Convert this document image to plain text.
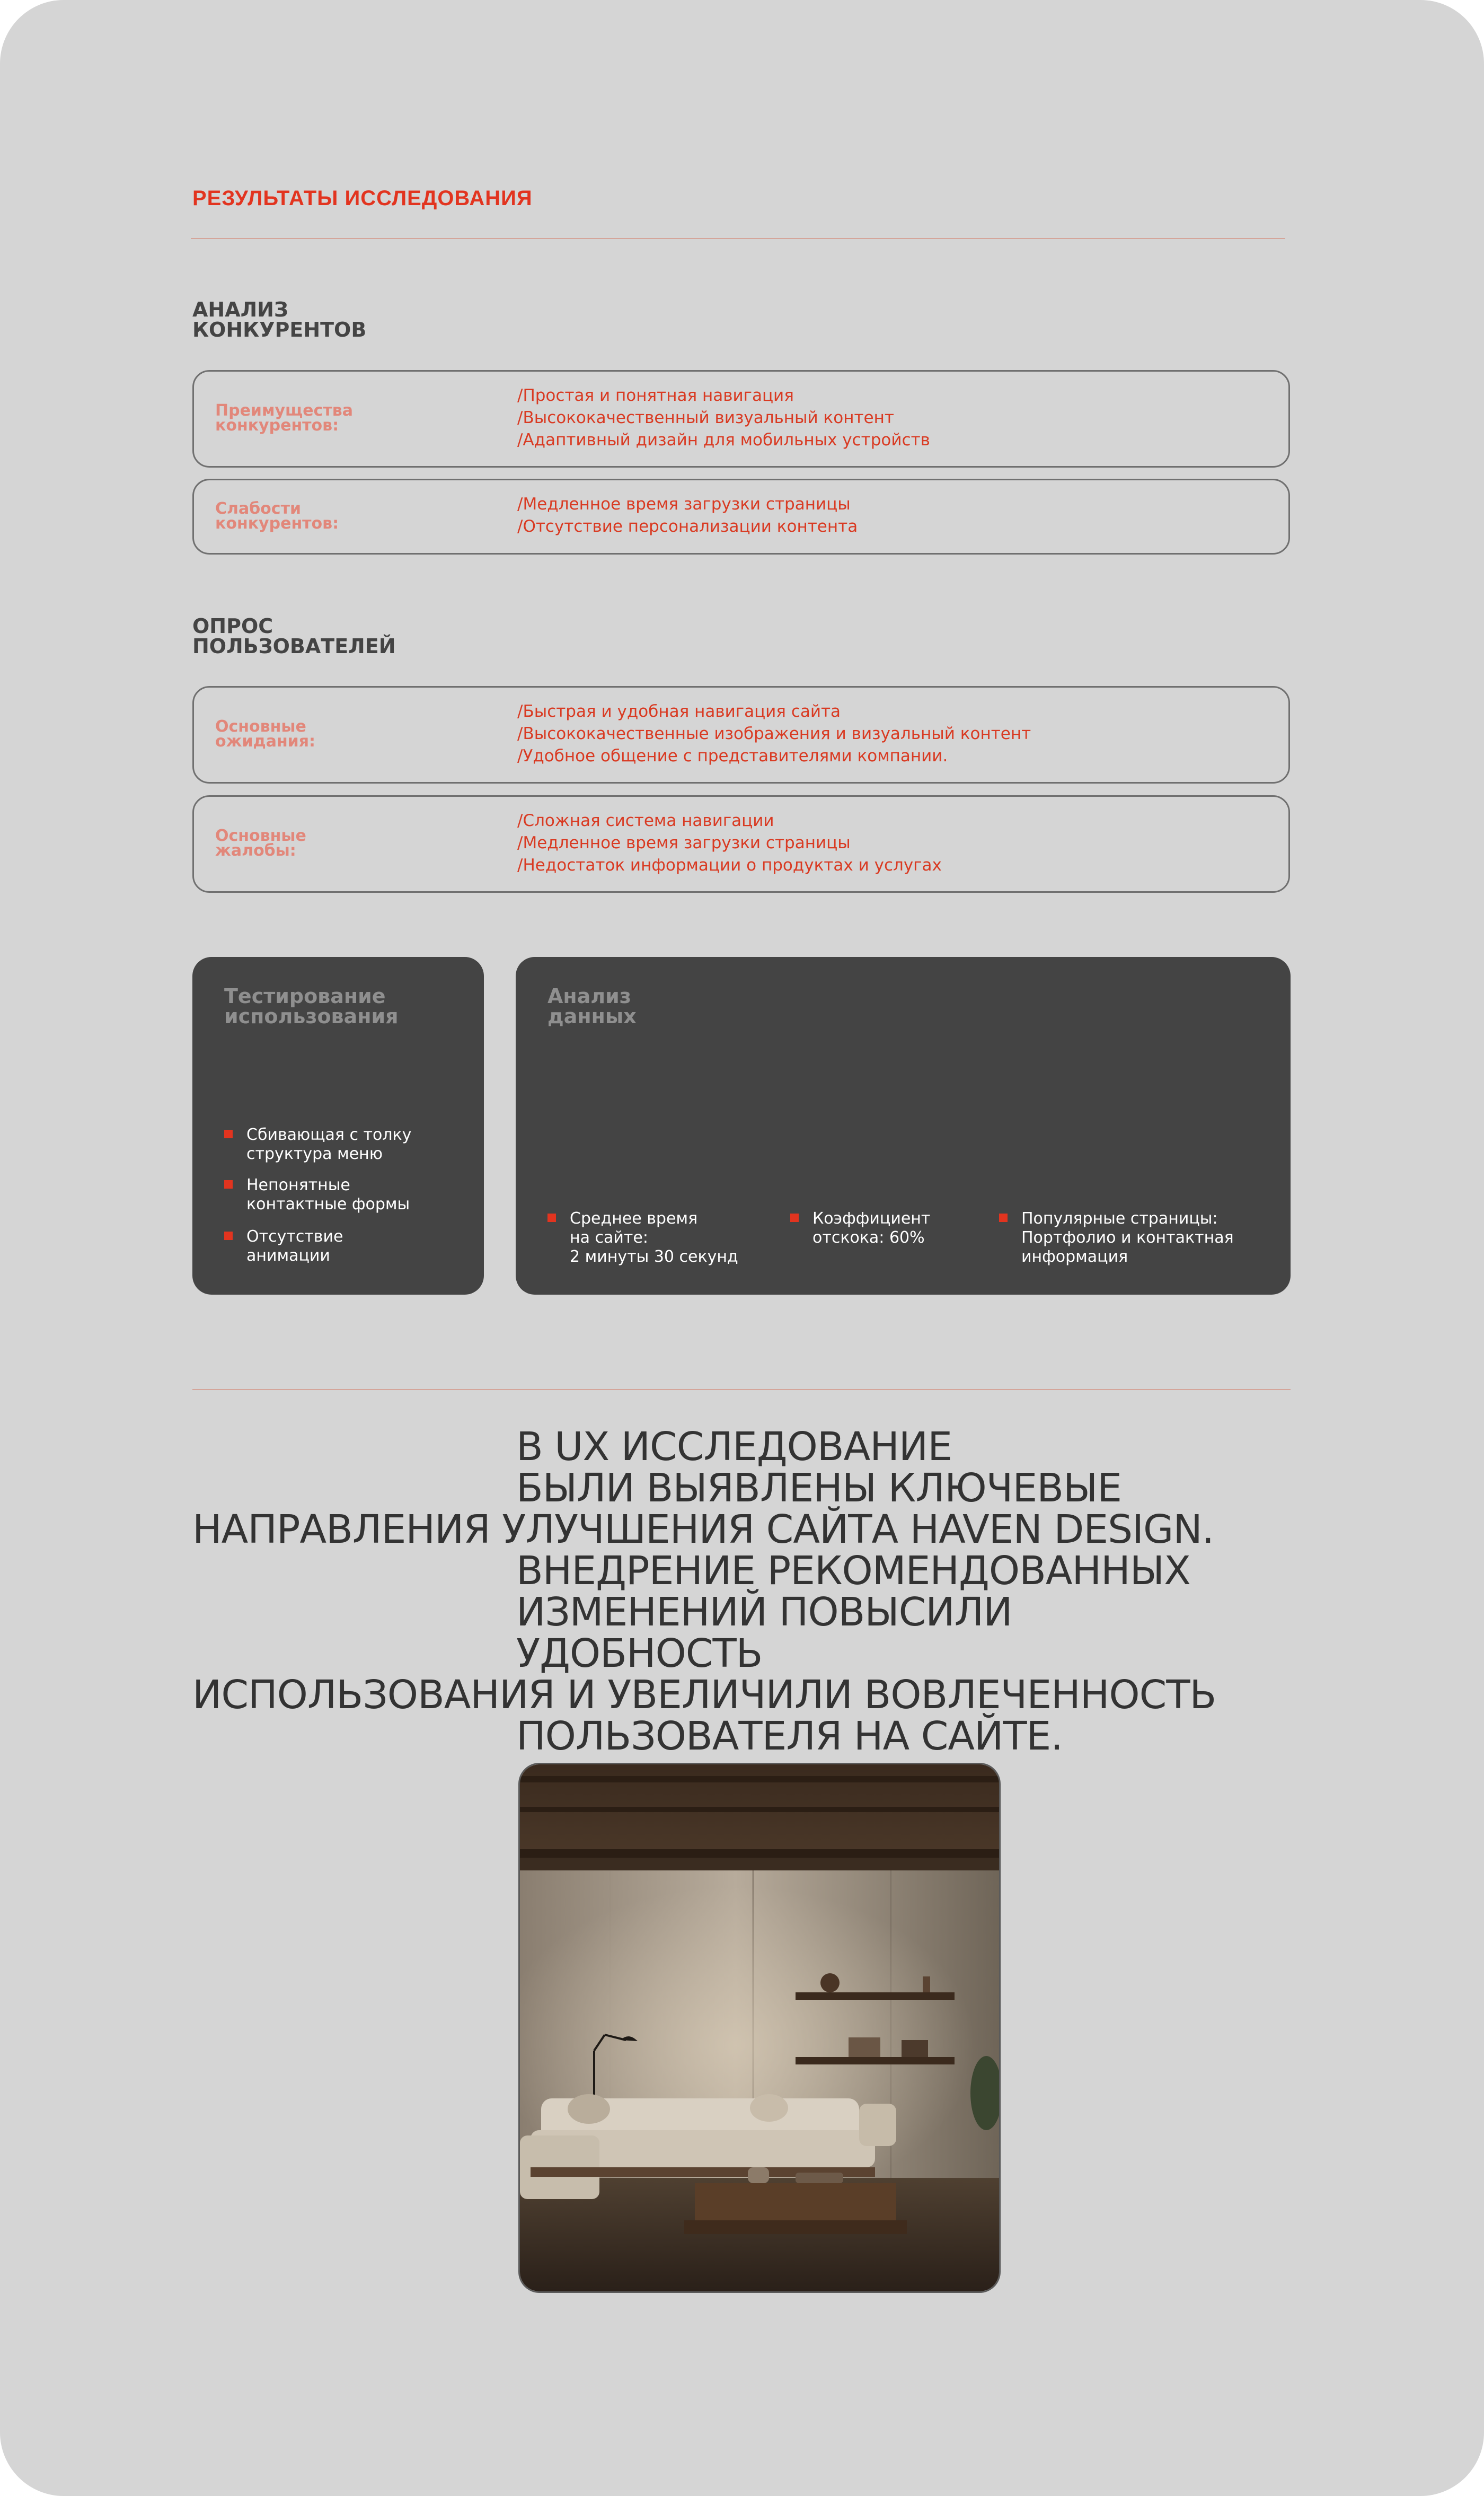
РЕЗУЛЬТАТЫ ИССЛЕДОВАНИЯ
АНАЛИЗ
КОНКУРЕНТОВ
Преимущества
конкурентов:
/Простая и понятная навигация
/Высококачественный визуальный контент
/Адаптивный дизайн для мобильных устройств
Слабости
конкурентов:
/Медленное время загрузки страницы
/Отсутствие персонализации контента
ОПРОС
ПОЛЬЗОВАТЕЛЕЙ
Основные
ожидания:
/Быстрая и удобная навигация сайта
/Высококачественные изображения и визуальный контент
/Удобное общение с представителями компании.
Основные
жалобы:
/Сложная система навигации
/Медленное время загрузки страницы
/Недостаток информации о продуктах и услугах
Тестирование
использования
Сбивающая с толку
структура меню
Непонятные
контактные формы
Отсутствие
анимации
Анализ
данных
Среднее время
на сайте:
2 минуты 30 секунд
Коэффициент
отскока: 60%
Популярные страницы:
Портфолио и контактная
информация
В UX ИССЛЕДОВАНИЕ
БЫЛИ ВЫЯВЛЕНЫ КЛЮЧЕВЫЕ
НАПРАВЛЕНИЯ УЛУЧШЕНИЯ САЙТА HAVEN DESIGN.
ВНЕДРЕНИЕ РЕКОМЕНДОВАННЫХ
ИЗМЕНЕНИЙ ПОВЫСИЛИ
УДОБНОСТЬ
ИСПОЛЬЗОВАНИЯ И УВЕЛИЧИЛИ ВОВЛЕЧЕННОСТЬ
ПОЛЬЗОВАТЕЛЯ НА САЙТЕ.
